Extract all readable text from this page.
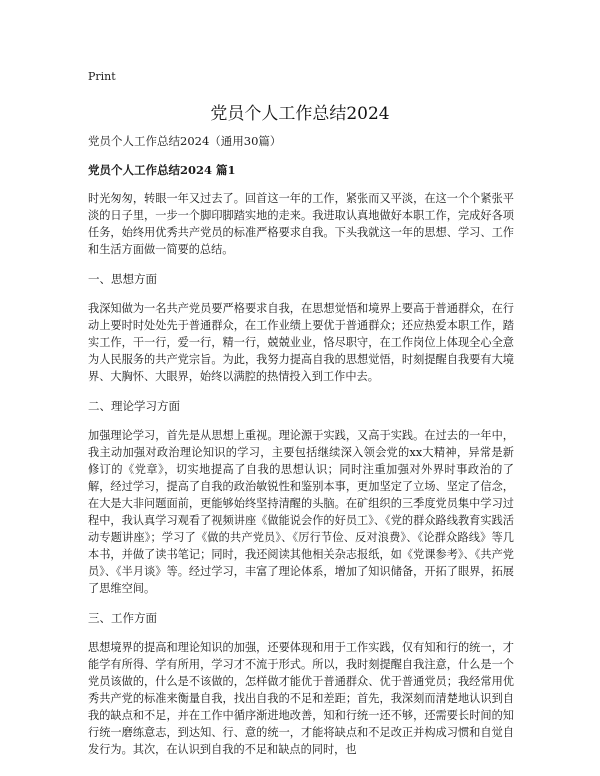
Print
党员个人工作总结2024
党员个人工作总结2024（通用30篇）
党员个人工作总结2024 篇1
时光匆匆，转眼一年又过去了。回首这一年的工作，紧张而又平淡，在这一个个紧张平淡的日子里，一步一个脚印脚踏实地的走来。我进取认真地做好本职工作，完成好各项任务，始终用优秀共产党员的标准严格要求自我。下头我就这一年的思想、学习、工作和生活方面做一简要的总结。
一、思想方面
我深知做为一名共产党员要严格要求自我，在思想觉悟和境界上要高于普通群众，在行动上要时时处处先于普通群众，在工作业绩上要优于普通群众；还应热爱本职工作，踏实工作，干一行，爱一行，精一行，兢兢业业，恪尽职守，在工作岗位上体现全心全意为人民服务的共产党宗旨。为此，我努力提高自我的思想觉悟，时刻提醒自我要有大境界、大胸怀、大眼界，始终以满腔的热情投入到工作中去。
二、理论学习方面
加强理论学习，首先是从思想上重视。理论源于实践，又高于实践。在过去的一年中，我主动加强对政治理论知识的学习，主要包括继续深入领会党的xx大精神，异常是新修订的《党章》，切实地提高了自我的思想认识；同时注重加强对外界时事政治的了解，经过学习，提高了自我的政治敏锐性和鉴别本事，更加坚定了立场、坚定了信念，在大是大非问题面前，更能够始终坚持清醒的头脑。在矿组织的三季度党员集中学习过程中，我认真学习观看了视频讲座《做能说会作的好员工》、《党的群众路线教育实践活动专题讲座》；学习了《做的共产党员》、《厉行节俭、反对浪费》、《论群众路线》等几本书，并做了读书笔记；同时，我还阅读其他相关杂志报纸，如《党课参考》、《共产党员》、《半月谈》等。经过学习，丰富了理论体系，增加了知识储备，开拓了眼界，拓展了思维空间。
三、工作方面
思想境界的提高和理论知识的加强，还要体现和用于工作实践，仅有知和行的统一，才能学有所得、学有所用，学习才不流于形式。所以，我时刻提醒自我注意，什么是一个党员该做的，什么是不该做的，怎样做才能优于普通群众、优于普通党员；我经常用优秀共产党的标准来衡量自我，找出自我的不足和差距；首先，我深刻而清楚地认识到自我的缺点和不足，并在工作中循序渐进地改善，知和行统一还不够，还需要长时间的知行统一磨练意志，到达知、行、意的统一，才能将缺点和不足改正并构成习惯和自觉自发行为。其次，在认识到自我的不足和缺点的同时，也
